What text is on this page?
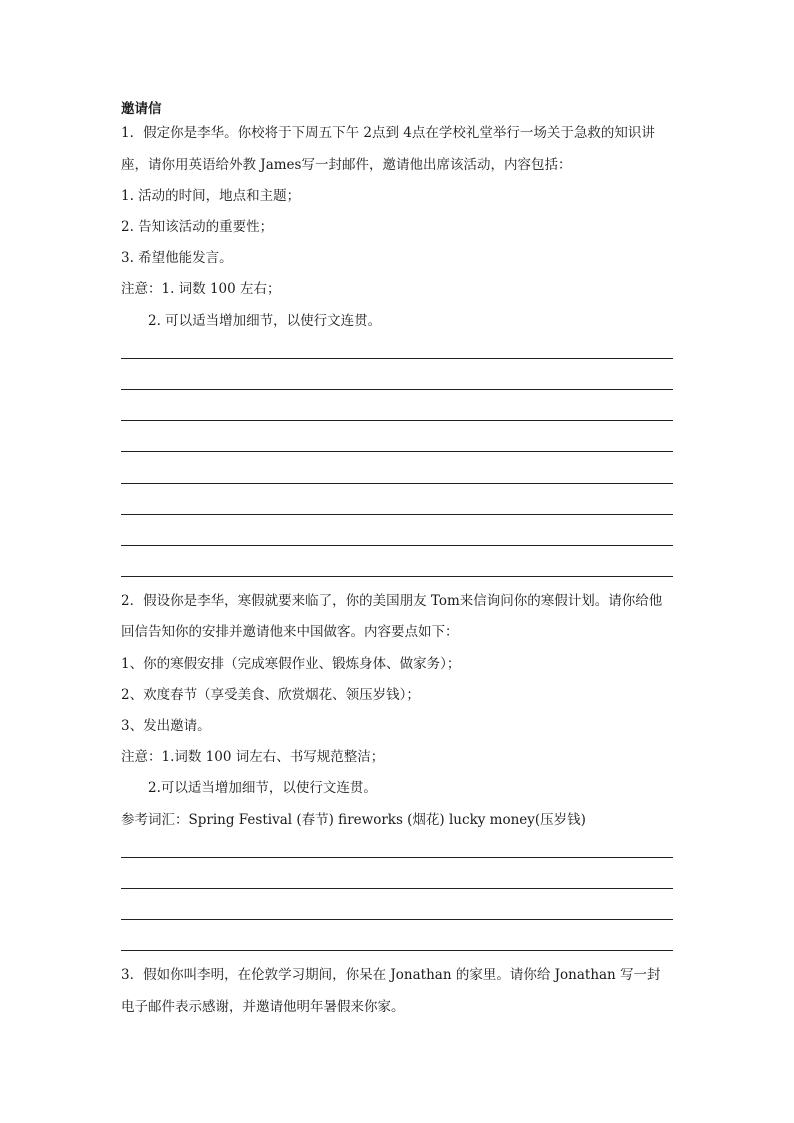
邀请信
1．假定你是李华。你校将于下周五下午 2点到 4点在学校礼堂举行一场关于急救的知识讲
座，请你用英语给外教 James写一封邮件，邀请他出席该活动，内容包括：
1. 活动的时间，地点和主题；
2. 告知该活动的重要性；
3. 希望他能发言。
注意：1. 词数 100 左右；
2. 可以适当增加细节，以使行文连贯。
2．假设你是李华，寒假就要来临了，你的美国朋友 Tom来信询问你的寒假计划。请你给他
回信告知你的安排并邀请他来中国做客。内容要点如下：
1、你的寒假安排（完成寒假作业、锻炼身体、做家务）；
2、欢度春节（享受美食、欣赏烟花、领压岁钱）；
3、发出邀请。
注意：1.词数 100 词左右、书写规范整洁；
2.可以适当增加细节，以使行文连贯。
参考词汇：Spring Festival (春节) fireworks (烟花) lucky money(压岁钱)
3．假如你叫李明，在伦敦学习期间，你呆在 Jonathan 的家里。请你给 Jonathan 写一封
电子邮件表示感谢，并邀请他明年暑假来你家。
